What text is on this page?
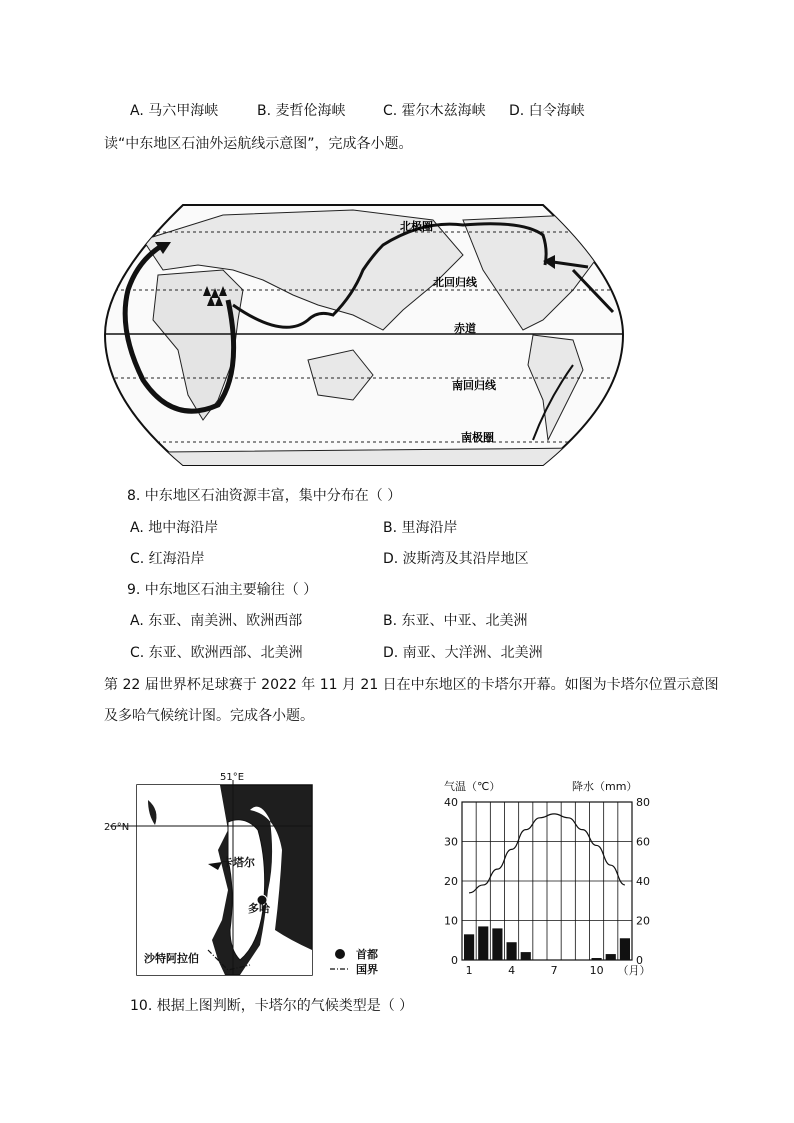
A. 马六甲海峡	B. 麦哲伦海峡	C. 霍尔木兹海峡 D. 白令海峡
读“中东地区石油外运航线示意图”，完成各小题。
北极圈
北回归线
赤道
南回归线
南极圈
8. 中东地区石油资源丰富，集中分布在（ ）
A. 地中海沿岸	B. 里海沿岸
C. 红海沿岸	D. 波斯湾及其沿岸地区
9. 中东地区石油主要输往（ ）
A. 东亚、南美洲、欧洲西部	B. 东亚、中亚、北美洲
C. 东亚、欧洲西部、北美洲	D. 南亚、大洋洲、北美洲
第 22 届世界杯足球赛于 2022 年 11 月 21 日在中东地区的卡塔尔开幕。如图为卡塔尔位置示意图
及多哈气候统计图。完成各小题。
51°E
26°N
卡塔尔
多哈
沙特阿拉伯	首都
国界
气温（℃）	降水（mm）
0
10
20
30
40
0
20
40
60
80
1	4	7	10 （月）
10. 根据上图判断，卡塔尔的气候类型是（ ）
